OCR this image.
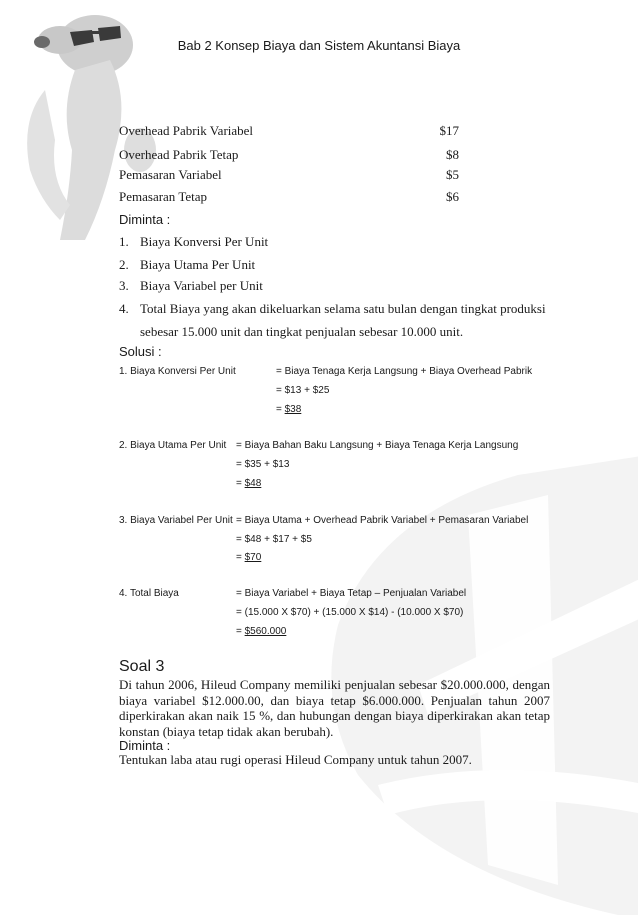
Bab 2 Konsep Biaya dan Sistem Akuntansi Biaya
Overhead Pabrik Variabel	$17
Overhead Pabrik Tetap	$8
Pemasaran Variabel	$5
Pemasaran Tetap	$6
Diminta :
1. Biaya Konversi Per Unit
2. Biaya Utama Per Unit
3. Biaya Variabel per Unit
4. Total Biaya yang akan dikeluarkan selama satu bulan dengan tingkat produksi
sebesar 15.000 unit dan tingkat penjualan sebesar 10.000 unit.
Solusi :
1. Biaya Konversi Per Unit	= Biaya Tenaga Kerja Langsung + Biaya Overhead Pabrik
= $13 + $25
= $38
2. Biaya Utama Per Unit = Biaya Bahan Baku Langsung + Biaya Tenaga Kerja Langsung
= $35 + $13
= $48
3. Biaya Variabel Per Unit = Biaya Utama + Overhead Pabrik Variabel + Pemasaran Variabel
= $48 + $17 + $5
= $70
4. Total Biaya	= Biaya Variabel + Biaya Tetap – Penjualan Variabel
= (15.000 X $70) + (15.000 X $14) - (10.000 X $70)
= $560.000
Soal 3
Di tahun 2006, Hileud Company memiliki penjualan sebesar $20.000.000, dengan
biaya variabel $12.000.00, dan biaya tetap $6.000.000. Penjualan tahun 2007
diperkirakan akan naik 15 %, dan hubungan dengan biaya diperkirakan akan tetap
konstan (biaya tetap tidak akan berubah).
Diminta :
Tentukan laba atau rugi operasi Hileud Company untuk tahun 2007.
